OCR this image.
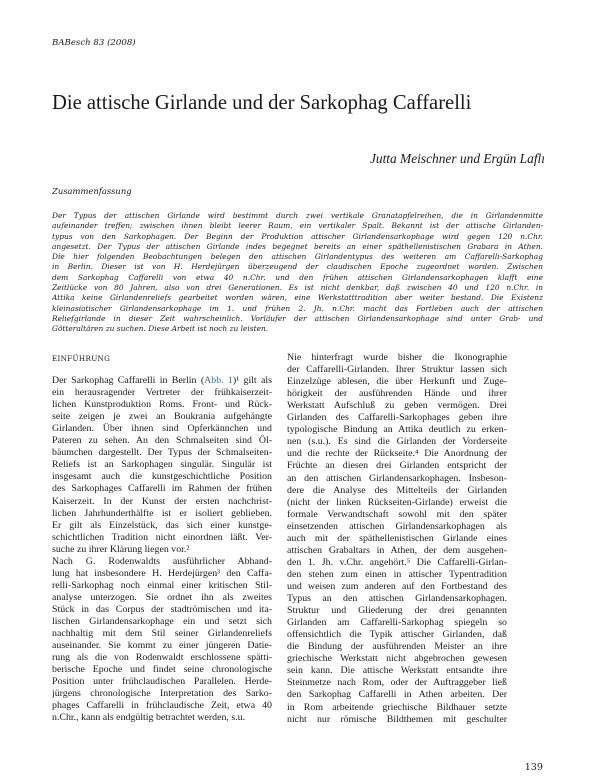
BABesch 83 (2008)
Die attische Girlande und der Sarkophag Caffarelli
Jutta Meischner und Ergün Laflı
Zusammenfassung
Der Typus der attischen Girlande wird bestimmt durch zwei vertikale Granatapfelreihen, die in Girlandenmitte
aufeinander treffen; zwischen ihnen bleibt leerer Raum, ein vertikaler Spalt. Bekannt ist der attische Girlanden-
typus von den Sarkophagen. Der Beginn der Produktion attischer Girlandensarkophage wird gegen 120 n.Chr.
angesetzt. Der Typus der attischen Girlande indes begegnet bereits an einer späthellenistischen Grabara in Athen.
Die hier folgenden Beobachtungen belegen den attischen Girlandentypus des weiteren am Caffarelli-Sarkophag
in Berlin. Dieser ist von H. Herdejürgen überzeugend der claudischen Epoche zugeordnet worden. Zwischen
dem Sarkophag Caffarelli von etwa 40 n.Chr. und den frühen attischen Girlandensarkophagen klafft eine
Zeitlücke von 80 Jahren, also von drei Generationen. Es ist nicht denkbar, daß zwischen 40 und 120 n.Chr. in
Attika keine Girlandenreliefs gearbeitet worden wären, eine Werkstatttradition aber weiter bestand. Die Existenz
kleinasiatischer Girlandensarkophage im 1. und frühen 2. Jh. n.Chr. macht das Fortleben auch der attischen
Reliefgirlande in dieser Zeit wahrscheinlich. Vorläufer der attischen Girlandensarkophage sind unter Grab- und
Götteraltären zu suchen. Diese Arbeit ist noch zu leisten.
EINFÜHRUNG
Der Sarkophag Caffarelli in Berlin (Abb. 1)¹ gilt als
ein herausragender Vertreter der frühkaiserzeit-
lichen Kunstproduktion Roms. Front- und Rück-
seite zeigen je zwei an Boukrania aufgehängte
Girlanden. Über ihnen sind Opferkännchen und
Pateren zu sehen. An den Schmalseiten sind Öl-
bäumchen dargestellt. Der Typus der Schmalseiten-
Reliefs ist an Sarkophagen singulär. Singulär ist
insgesamt auch die kunstgeschichtliche Position
des Sarkophages Caffarelli im Rahmen der frühen
Kaiserzeit. In der Kunst der ersten nachchrist-
lichen Jahrhunderthälfte ist er isoliert geblieben.
Er gilt als Einzelstück, das sich einer kunstge-
schichtlichen Tradition nicht einordnen läßt. Ver-
suche zu ihrer Klärung liegen vor.²
Nach G. Rodenwaldts ausführlicher Abhand-
lung hat insbesondere H. Herdejürgen³ den Caffa-
relli-Sarkophag noch einmal einer kritischen Stil-
analyse unterzogen. Sie ordnet ihn als zweites
Stück in das Corpus der stadtrömischen und ita-
lischen Girlandensarkophage ein und setzt sich
nachhaltig mit dem Stil seiner Girlandenreliefs
auseinander. Sie kommt zu einer jüngeren Datie-
rung als die von Rodenwaldt erschlossene spätti-
berische Epoche und findet seine chronologische
Position unter frühclaudischen Parallelen. Herde-
jürgens chronologische Interpretation des Sarko-
phages Caffarelli in frühclaudische Zeit, etwa 40
n.Chr., kann als endgültig betrachtet werden, s.u.
Nie hinterfragt wurde bisher die Ikonographie
der Caffarelli-Girlanden. Ihrer Struktur lassen sich
Einzelzüge ablesen, die über Herkunft und Zuge-
hörigkeit der ausführenden Hände und ihrer
Werkstatt Aufschluß zu geben vermögen. Drei
Girlanden des Caffarelli-Sarkophages geben ihre
typologische Bindung an Attika deutlich zu erken-
nen (s.u.). Es sind die Girlanden der Vorderseite
und die rechte der Rückseite.⁴ Die Anordnung der
Früchte an diesen drei Girlanden entspricht der
an den attischen Girlandensarkophagen. Insbeson-
dere die Analyse des Mittelteils der Girlanden
(nicht der linken Rückseiten-Girlande) erweist die
formale Verwandtschaft sowohl mit den später
einsetzenden attischen Girlandensarkophagen als
auch mit der späthellenistischen Girlande eines
attischen Grabaltars in Athen, der dem ausgehen-
den 1. Jh. v.Chr. angehört.⁵ Die Caffarelli-Girlan-
den stehen zum einen in attischer Typentradition
und weisen zum anderen auf den Fortbestand des
Typus an den attischen Girlandensarkophagen.
Struktur und Gliederung der drei genannten
Girlanden am Caffarelli-Sarkophag spiegeln so
offensichtlich die Typik attischer Girlanden, daß
die Bindung der ausführenden Meister an ihre
griechische Werkstatt nicht abgebrochen gewesen
sein kann. Die attische Werkstatt entsandte ihre
Steinmetze nach Rom, oder der Auftraggeber ließ
den Sarkophag Caffarelli in Athen arbeiten. Der
in Rom arbeitende griechische Bildhauer setzte
nicht nur römische Bildthemen mit geschulter
139
